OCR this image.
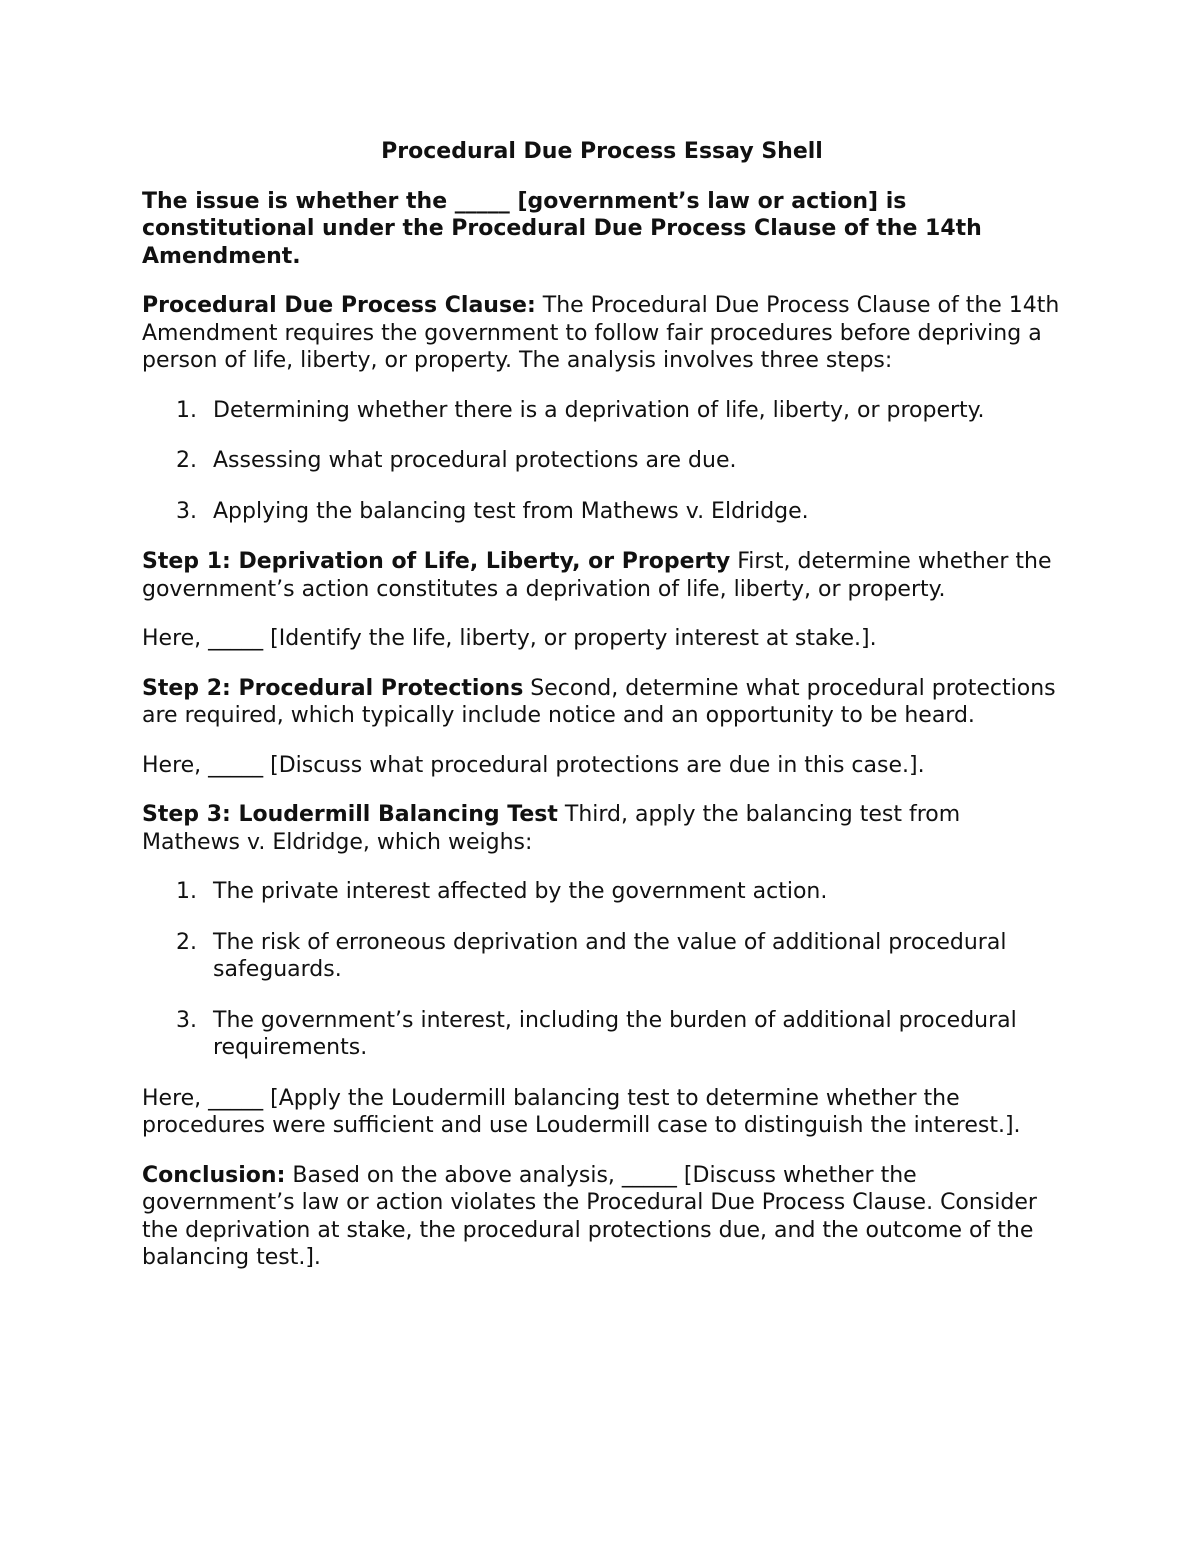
Procedural Due Process Essay Shell

The issue is whether the _____ [government’s law or action] is constitutional under the Procedural Due Process Clause of the 14th Amendment.

Procedural Due Process Clause: The Procedural Due Process Clause of the 14th Amendment requires the government to follow fair procedures before depriving a person of life, liberty, or property. The analysis involves three steps:

1. Determining whether there is a deprivation of life, liberty, or property.
2. Assessing what procedural protections are due.
3. Applying the balancing test from Mathews v. Eldridge.

Step 1: Deprivation of Life, Liberty, or Property First, determine whether the government’s action constitutes a deprivation of life, liberty, or property.

Here, _____ [Identify the life, liberty, or property interest at stake.].

Step 2: Procedural Protections Second, determine what procedural protections are required, which typically include notice and an opportunity to be heard.

Here, _____ [Discuss what procedural protections are due in this case.].

Step 3: Loudermill Balancing Test Third, apply the balancing test from Mathews v. Eldridge, which weighs:

1. The private interest affected by the government action.
2. The risk of erroneous deprivation and the value of additional procedural safeguards.
3. The government’s interest, including the burden of additional procedural requirements.

Here, _____ [Apply the Loudermill balancing test to determine whether the procedures were sufficient and use Loudermill case to distinguish the interest.].

Conclusion: Based on the above analysis, _____ [Discuss whether the government’s law or action violates the Procedural Due Process Clause. Consider the deprivation at stake, the procedural protections due, and the outcome of the balancing test.].
